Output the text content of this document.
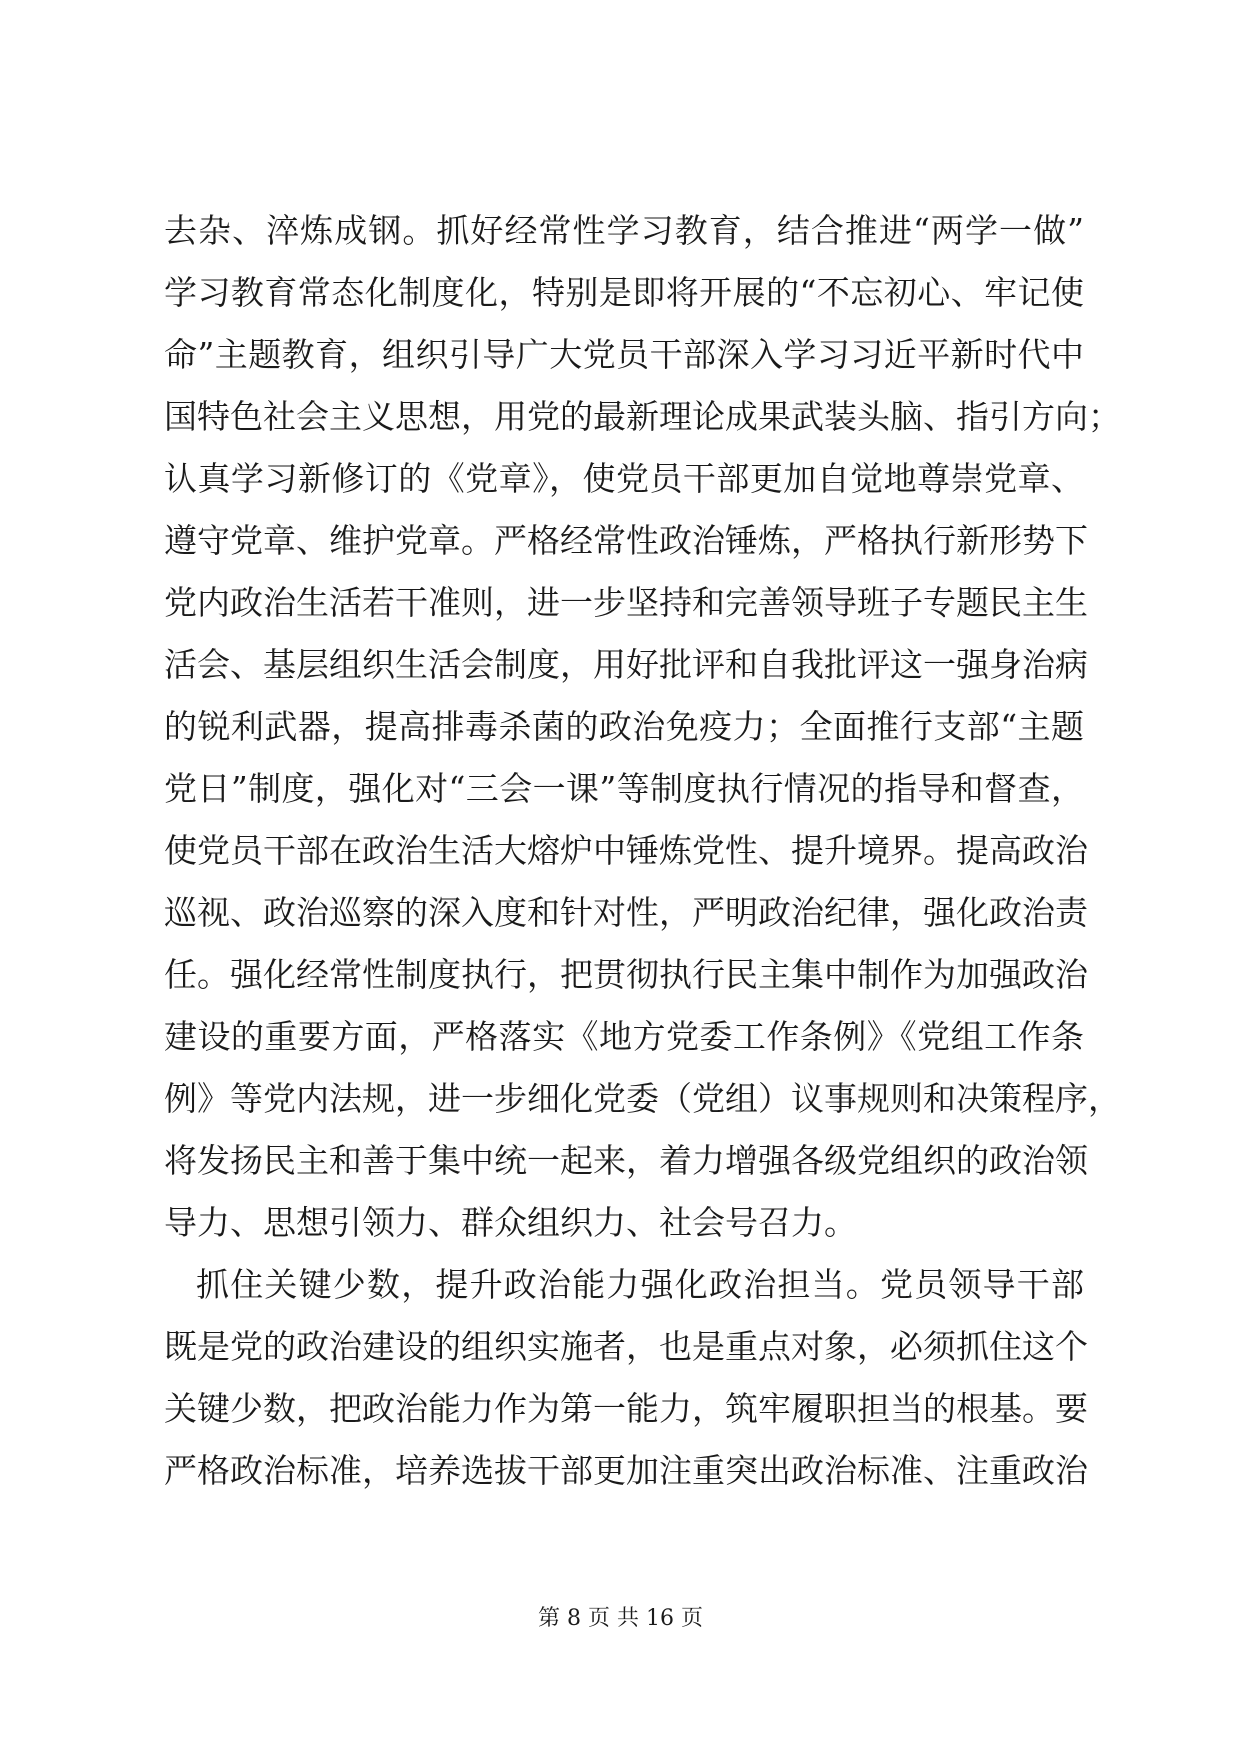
去杂、淬炼成钢。抓好经常性学习教育，结合推进“两学一做”
学习教育常态化制度化，特别是即将开展的“不忘初心、牢记使
命”主题教育，组织引导广大党员干部深入学习习近平新时代中
国特色社会主义思想，用党的最新理论成果武装头脑、指引方向；
认真学习新修订的《党章》，使党员干部更加自觉地尊崇党章、
遵守党章、维护党章。严格经常性政治锤炼，严格执行新形势下
党内政治生活若干准则，进一步坚持和完善领导班子专题民主生
活会、基层组织生活会制度，用好批评和自我批评这一强身治病
的锐利武器，提高排毒杀菌的政治免疫力；全面推行支部“主题
党日”制度，强化对“三会一课”等制度执行情况的指导和督查，
使党员干部在政治生活大熔炉中锤炼党性、提升境界。提高政治
巡视、政治巡察的深入度和针对性，严明政治纪律，强化政治责
任。强化经常性制度执行，把贯彻执行民主集中制作为加强政治
建设的重要方面，严格落实《地方党委工作条例》《党组工作条
例》等党内法规，进一步细化党委（党组）议事规则和决策程序，
将发扬民主和善于集中统一起来，着力增强各级党组织的政治领
导力、思想引领力、群众组织力、社会号召力。
抓住关键少数，提升政治能力强化政治担当。党员领导干部
既是党的政治建设的组织实施者，也是重点对象，必须抓住这个
关键少数，把政治能力作为第一能力，筑牢履职担当的根基。要
严格政治标准，培养选拔干部更加注重突出政治标准、注重政治
第 8 页 共 16 页
